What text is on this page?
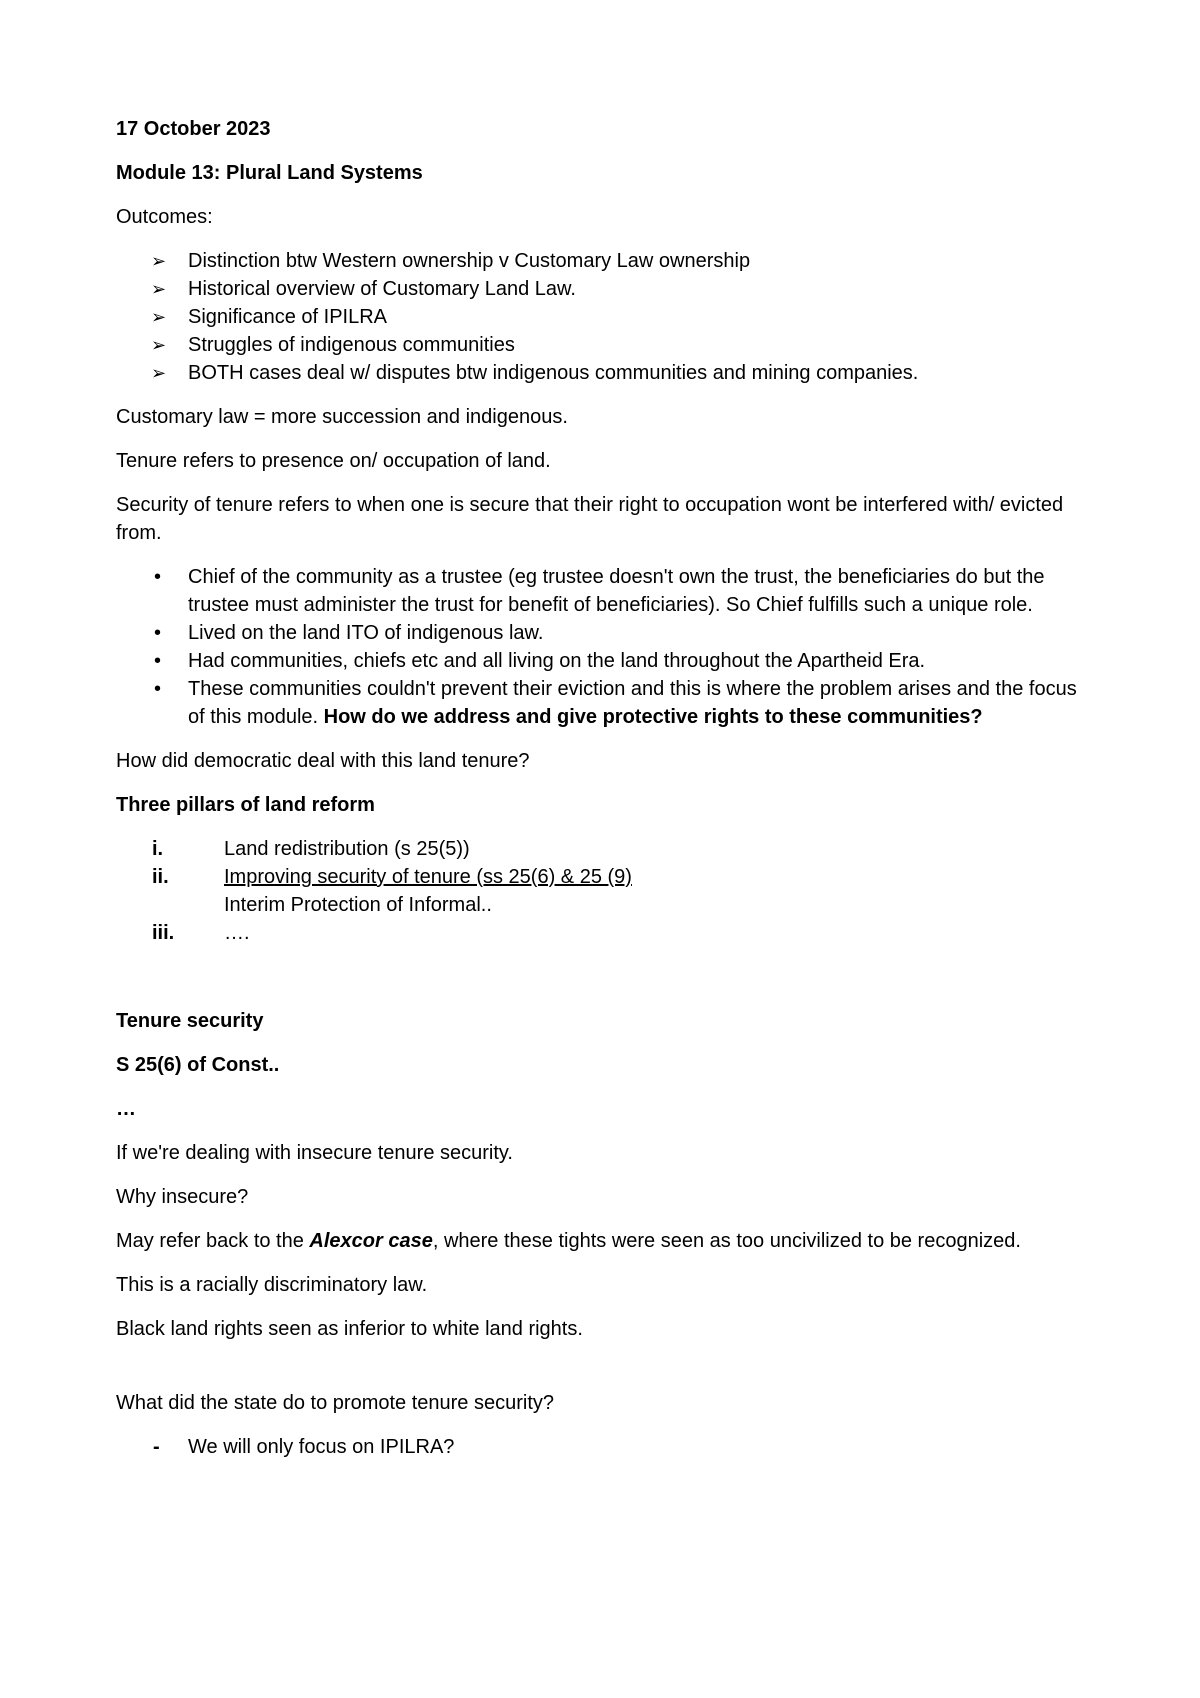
17 October 2023

Module 13: Plural Land Systems

Outcomes:

➢ Distinction btw Western ownership v Customary Law ownership
➢ Historical overview of Customary Land Law.
➢ Significance of IPILRA
➢ Struggles of indigenous communities
➢ BOTH cases deal w/ disputes btw indigenous communities and mining companies.

Customary law = more succession and indigenous.

Tenure refers to presence on/ occupation of land.

Security of tenure refers to when one is secure that their right to occupation wont be interfered with/ evicted from.

• Chief of the community as a trustee (eg trustee doesn't own the trust, the beneficiaries do but the trustee must administer the trust for benefit of beneficiaries). So Chief fulfills such a unique role.
• Lived on the land ITO of indigenous law.
• Had communities, chiefs etc and all living on the land throughout the Apartheid Era.
• These communities couldn't prevent their eviction and this is where the problem arises and the focus of this module. How do we address and give protective rights to these communities?

How did democratic deal with this land tenure?

Three pillars of land reform

i.	Land redistribution (s 25(5))
ii.	Improving security of tenure (ss 25(6) & 25 (9)
Interim Protection of Informal..
iii. ….

Tenure security

S 25(6) of Const..

…

If we're dealing with insecure tenure security.

Why insecure?

May refer back to the Alexcor case, where these tights were seen as too uncivilized to be recognized.

This is a racially discriminatory law.

Black land rights seen as inferior to white land rights.

What did the state do to promote tenure security?

- We will only focus on IPILRA?
